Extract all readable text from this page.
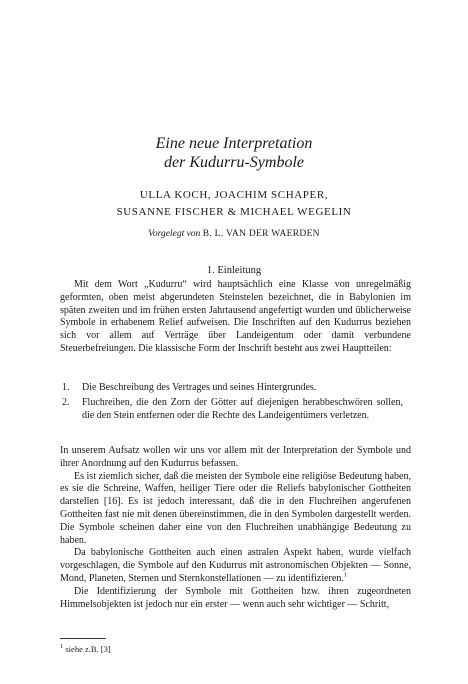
Eine neue Interpretation
der Kudurru-Symbole
ULLA KOCH, JOACHIM SCHAPER,
SUSANNE FISCHER & MICHAEL WEGELIN
Vorgelegt von B. L. VAN DER WAERDEN
1. Einleitung

Mit dem Wort „Kudurru“ wird hauptsächlich eine Klasse von unregelmäßig geformten, oben meist abgerundeten Steinstelen bezeichnet, die in Babylonien im späten zweiten und im frühen ersten Jahrtausend angefertigt wurden und üblicherweise Symbole in erhabenem Relief aufweisen. Die Inschriften auf den Kudurrus beziehen sich vor allem auf Verträge über Landeigentum oder damit verbundene Steuerbefreiungen. Die klassische Form der Inschrift besteht aus zwei Hauptteilen:

1. Die Beschreibung des Vertrages und seines Hintergrundes.
2. Fluchreihen, die den Zorn der Götter auf diejenigen herabbeschwören sollen, die den Stein entfernen oder die Rechte des Landeigentümers verletzen.

In unserem Aufsatz wollen wir uns vor allem mit der Interpretation der Symbole und ihrer Anordnung auf den Kudurrus befassen.

Es ist ziemlich sicher, daß die meisten der Symbole eine religiöse Bedeutung haben, es sie die Schreine, Waffen, heiliger Tiere oder die Reliefs babylonischer Gottheiten darstellen [16]. Es ist jedoch interessant, daß die in den Fluchreihen angerufenen Gottheiten fast nie mit denen übereinstimmen, die in den Symbolen dargestellt werden. Die Symbole scheinen daher eine von den Fluchreihen unabhängige Bedeutung zu haben.

Da babylonische Gottheiten auch einen astralen Aspekt haben, wurde vielfach vorgeschlagen, die Symbole auf den Kudurrus mit astronomischen Objekten — Sonne, Mond, Planeten, Sternen und Sternkonstellationen — zu identifizieren.$^1$

Die Identifizierung der Symbole mit Gottheiten bzw. ihren zugeordneten Himmelsobjekten ist jedoch nur ein erster — wenn auch sehr wichtiger — Schritt,

$^1$ siehe z.B. [3]
